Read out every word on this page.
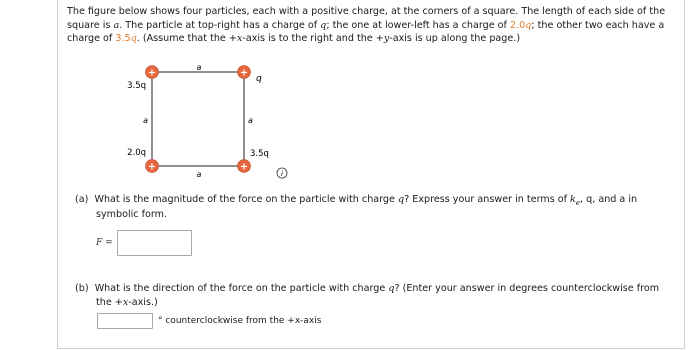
The figure below shows four particles, each with a positive charge, at the corners of a square. The length of each side of the square is a. The particle at top-right has a charge of q; the one at lower-left has a charge of 2.0q; the other two each have a charge of 3.5q. (Assume that the +x-axis is to the right and the +y-axis is up along the page.)
a
a
a	a
+	+
+	+
3.5q
q
2.0q	3.5q
i
(a) What is the magnitude of the force on the particle with charge q? Express your answer in terms of $k_e$, q, and a in
symbolic form.
F =
(b) What is the direction of the force on the particle with charge q? (Enter your answer in degrees counterclockwise from
the +x-axis.)
° counterclockwise from the +x-axis
